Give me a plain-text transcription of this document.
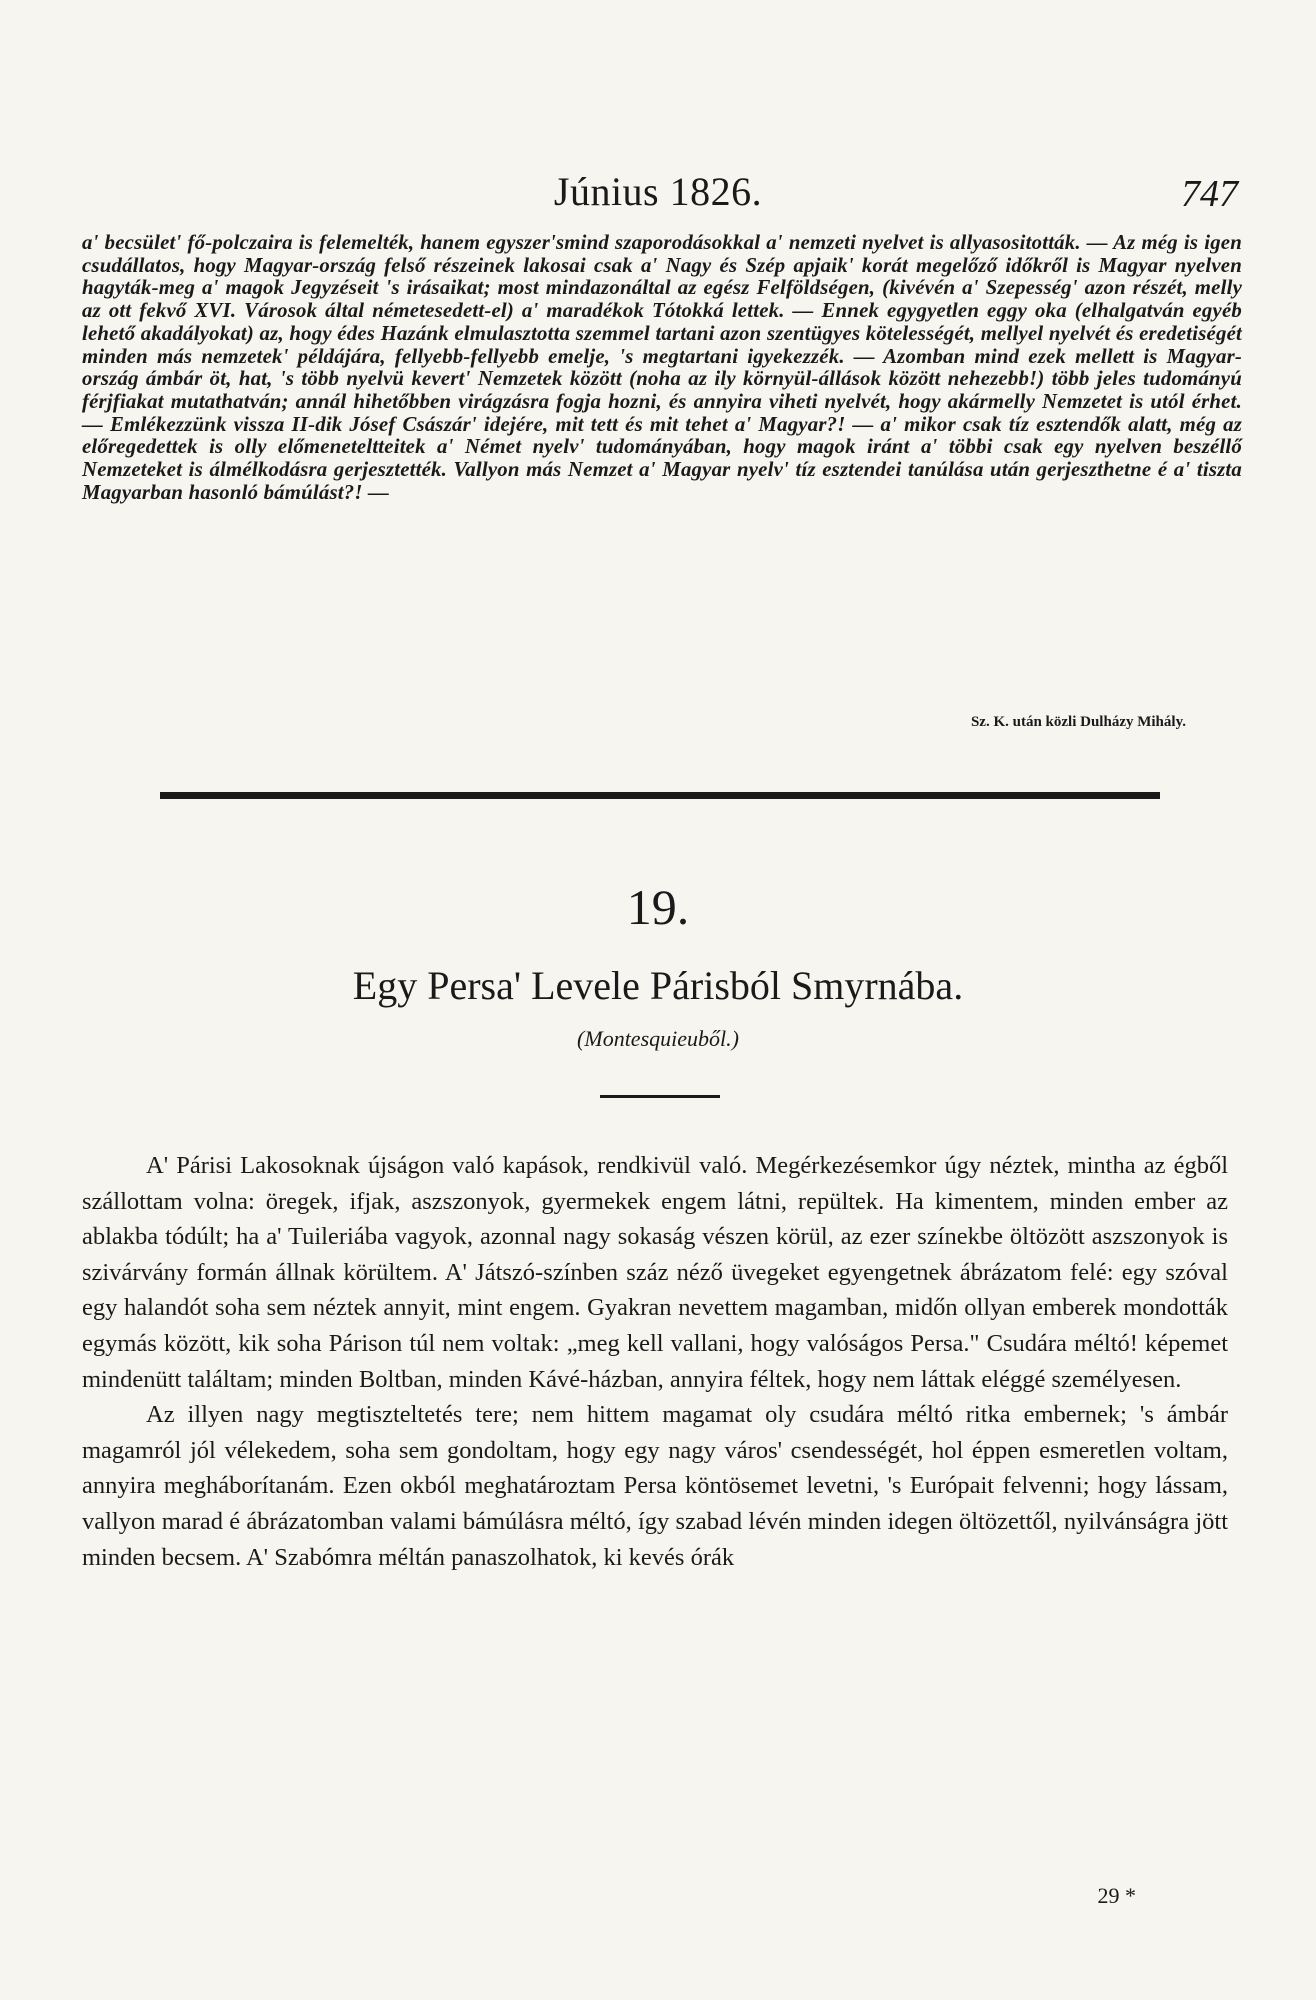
Június 1826.	747

a' becsület' fő-polczaira is felemelték, hanem egyszer'smind szaporodásokkal a' nemzeti nyelvet is allyasositották. — Az még is igen csudállatos, hogy Magyar-ország felső részeinek lakosai csak a' Nagy és Szép apjaik' korát megelőző időkről is Magyar nyelven hagyták-meg a' magok Jegyzéseit 's irásaikat; most mindazonáltal az egész Felföldségen, (kivévén a' Szepesség' azon részét, melly az ott fekvő XVI. Városok által németesedett-el) a' maradékok Tótokká lettek. — Ennek egygyetlen eggy oka (elhalgatván egyéb lehető akadályokat) az, hogy édes Hazánk elmulasztotta szemmel tartani azon szentügyes kötelességét, mellyel nyelvét és eredetiségét minden más nemzetek' példájára, fellyebb-fellyebb emelje, 's megtartani igyekezzék. — Azomban mind ezek mellett is Magyar-ország ámbár öt, hat, 's több nyelvü kevert' Nemzetek között (noha az ily környül-állások között nehezebb!) több jeles tudományú férjfiakat mutathatván; annál hihetőbben virágzásra fogja hozni, és annyira viheti nyelvét, hogy akármelly Nemzetet is utól érhet. — Emlékezzünk vissza II-dik Jósef Császár' idejére, mit tett és mit tehet a' Magyar?! — a' mikor csak tíz esztendők alatt, még az előregedettek is olly előmeneteltteitek a' Német nyelv' tudományában, hogy magok iránt a' többi csak egy nyelven beszéllő Nemzeteket is álmélkodásra gerjesztették. Vallyon más Nemzet a' Magyar nyelv' tíz esztendei tanúlása után gerjeszthetne é a' tiszta Magyarban hasonló bámúlást?! —

Sz. K. után közli Dulházy Mihály.
19.
Egy Persa' Levele Párisból Smyrnába.
(Montesquieuből.)

A' Párisi Lakosoknak újságon való kapások, rendkivül való. Megérkezésemkor úgy néztek, mintha az égből szállottam volna: öregek, ifjak, aszszonyok, gyermekek engem látni, repültek. Ha kimentem, minden ember az ablakba tódúlt; ha a' Tuileriába vagyok, azonnal nagy sokaság vészen körül, az ezer színekbe öltözött aszszonyok is szivárvány formán állnak körültem. A' Játszó-színben száz néző üvegeket egyengetnek ábrázatom felé: egy szóval egy halandót soha sem néztek annyit, mint engem. Gyakran nevettem magamban, midőn ollyan emberek mondották egymás között, kik soha Párison túl nem voltak: „meg kell vallani, hogy valóságos Persa." Csudára méltó! képemet mindenütt találtam; minden Boltban, minden Kávé-házban, annyira féltek, hogy nem láttak eléggé személyesen.

Az illyen nagy megtiszteltetés tere; nem hittem magamat oly csudára méltó ritka embernek; 's ámbár magamról jól vélekedem, soha sem gondoltam, hogy egy nagy város' csendességét, hol éppen esmeretlen voltam, annyira megháborítanám. Ezen okból meghatároztam Persa köntösemet levetni, 's Európait felvenni; hogy lássam, vallyon marad é ábrázatomban valami bámúlásra méltó, így szabad lévén minden idegen öltözettől, nyilvánságra jött minden becsem. A' Szabómra méltán panaszolhatok, ki kevés órák

29 *
